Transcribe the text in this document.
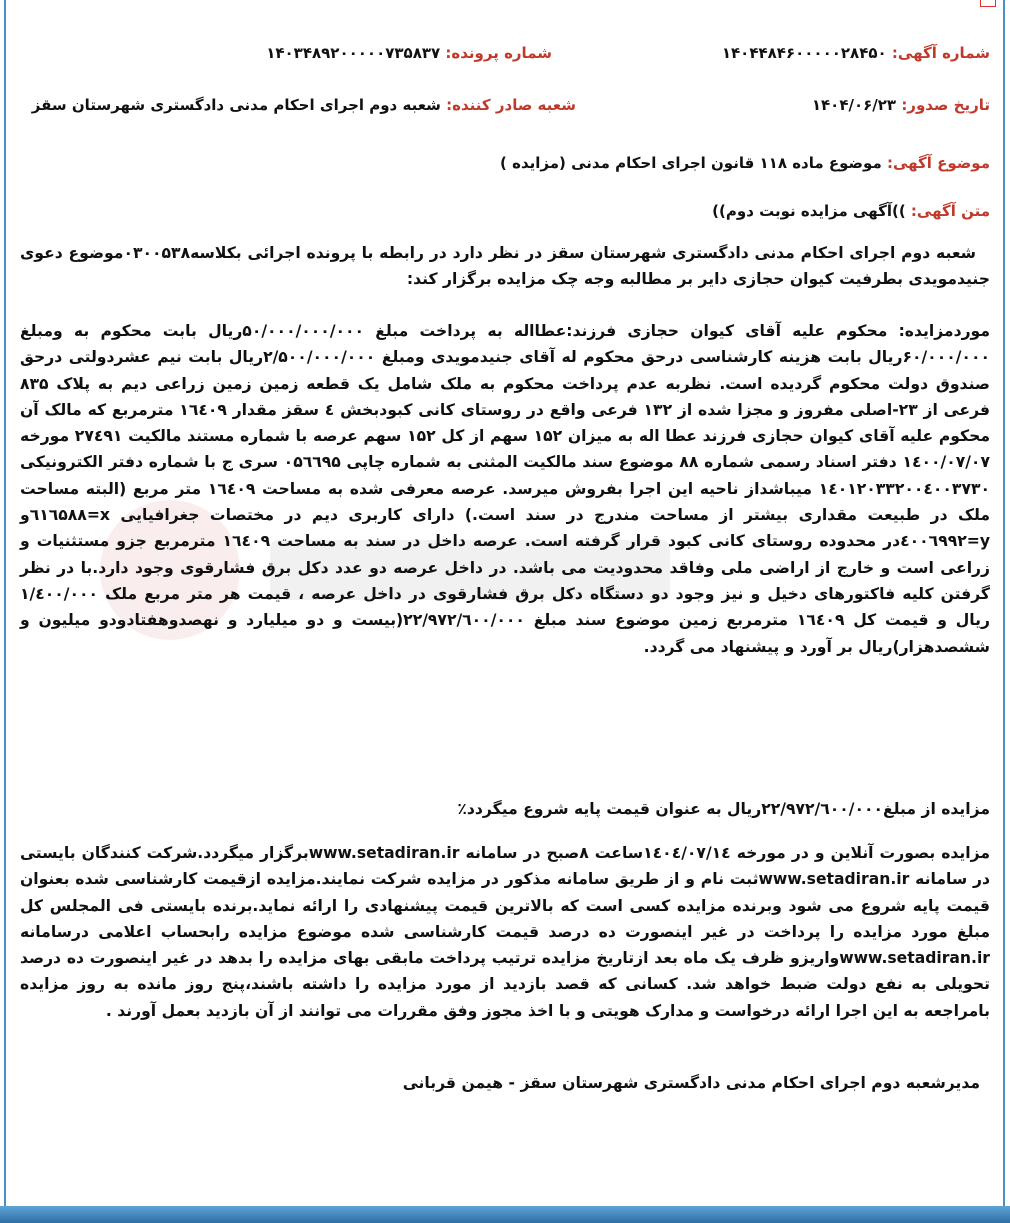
شماره آگهی: ۱۴۰۴۴۸۴۶۰۰۰۰۰۲۸۴۵۰
شماره پرونده: ۱۴۰۳۴۸۹۲۰۰۰۰۰۷۳۵۸۳۷
تاریخ صدور: ۱۴۰۴/۰۶/۲۳
شعبه صادر کننده: شعبه دوم اجرای احکام مدنی دادگستری شهرستان سقز
موضوع آگهی: موضوع ماده ۱۱۸ قانون اجرای احکام مدنی (مزایده )
متن آگهی: ))آگهی مزایده نوبت دوم))
شعبه دوم اجرای احکام مدنی دادگستری شهرستان سقز در نظر دارد در رابطه با پرونده اجرائی بکلاسه۰۳۰۰۵۳۸موضوع دعوی جنیدمویدی بطرفیت کیوان حجازی دایر بر مطالبه وجه چک مزایده برگزار کند:
موردمزایده: محکوم علیه آقای کیوان حجازی فرزند:عطااله به پرداخت مبلغ ۵۰/۰۰۰/۰۰۰/۰۰۰ریال بابت محکوم به ومبلغ ۶۰/۰۰۰/۰۰۰ریال بابت هزینه کارشناسی درحق محکوم له آقای جنیدمویدی ومبلغ ۲/۵۰۰/۰۰۰/۰۰۰ریال بابت نیم عشردولتی درحق صندوق دولت محکوم گردیده است. نظربه عدم پرداخت محکوم به ملک شامل یک قطعه زمین زمین زراعی دیم به پلاک ۸۳۵ فرعی از ۲۳-اصلی مفروز و مجزا شده از ۱۳۲ فرعی واقع در روستای کانی کبودبخش ٤ سقز مقدار ۱٦٤۰۹ مترمربع که مالک آن محکوم علیه آقای کیوان حجازی فرزند عطا اله به میزان ۱۵۲ سهم از کل ۱۵۲ سهم عرصه با شماره مستند مالکیت ۲۷٤۹۱ مورخه ۱٤۰۰/۰۷/۰۷ دفتر اسناد رسمی شماره ۸۸ موضوع سند مالکیت المثنی به شماره چاپی ۰۵٦٦۹۵ سری ج با شماره دفتر الکترونیکی ۱٤۰۱۲۰۳۳۲۰۰٤۰۰۳۷۳۰ میباشداز ناحیه این اجرا بفروش میرسد. عرصه معرفی شده به مساحت ۱٦٤۰۹ متر مربع (البته مساحت ملک در طبیعت مقداری بیشتر از مساحت مندرج در سند است.) دارای کاربری دیم در مختصات جغرافیایی x=٦۱٦۵۸۸و y=٤۰۰٦۹۹۲در محدوده روستای کانی کبود قرار گرفته است. عرصه داخل در سند به مساحت ۱٦٤۰۹ مترمربع جزو مستثنیات و زراعی است و خارج از اراضی ملی وفاقد محدودیت می باشد. در داخل عرصه دو عدد دکل برق فشارقوی وجود دارد.با در نظر گرفتن کلیه فاکتورهای دخیل و نیز وجود دو دستگاه دکل برق فشارقوی در داخل عرصه ، قیمت هر متر مربع ملک ۱/٤۰۰/۰۰۰ ریال و قیمت کل ۱٦٤۰۹ مترمربع زمین موضوع سند مبلغ ۲۲/۹۷۲/٦۰۰/۰۰۰(بیست و دو میلیارد و نهصدوهفتادودو میلیون و ششصدهزار)ریال بر آورد و پیشنهاد می گردد.
مزایده از مبلغ۲۲/۹۷۲/٦۰۰/۰۰۰ریال به عنوان قیمت پایه شروع میگردد٪
مزایده بصورت آنلاین و در مورخه ۱٤۰٤/۰۷/۱٤ساعت ۸صبح در سامانه www.setadiran.irبرگزار میگردد.شرکت کنندگان بایستی در سامانه www.setadiran.irثبت نام و از طریق سامانه مذکور در مزایده شرکت نمایند.مزایده ازقیمت کارشناسی شده بعنوان قیمت پایه شروع می شود وبرنده مزایده کسی است که بالاترین قیمت پیشنهادی را ارائه نماید.برنده بایستی فی المجلس کل مبلغ مورد مزایده را پرداخت در غیر اینصورت ده درصد قیمت کارشناسی شده موضوع مزایده رابحساب اعلامی درسامانه www.setadiran.irواریزو ظرف یک ماه بعد ازتاریخ مزایده ترتیب پرداخت مابقی بهای مزایده را بدهد در غیر اینصورت ده درصد تحویلی به نفع دولت ضبط خواهد شد. کسانی که قصد بازدید از مورد مزایده را داشته باشند،پنج روز مانده به روز مزایده بامراجعه به این اجرا ارائه درخواست و مدارک هویتی و با اخذ مجوز وفق مقررات می توانند از آن بازدید بعمل آورند .
مدیرشعبه دوم اجرای احکام مدنی دادگستری شهرستان سقز - هیمن قربانی
